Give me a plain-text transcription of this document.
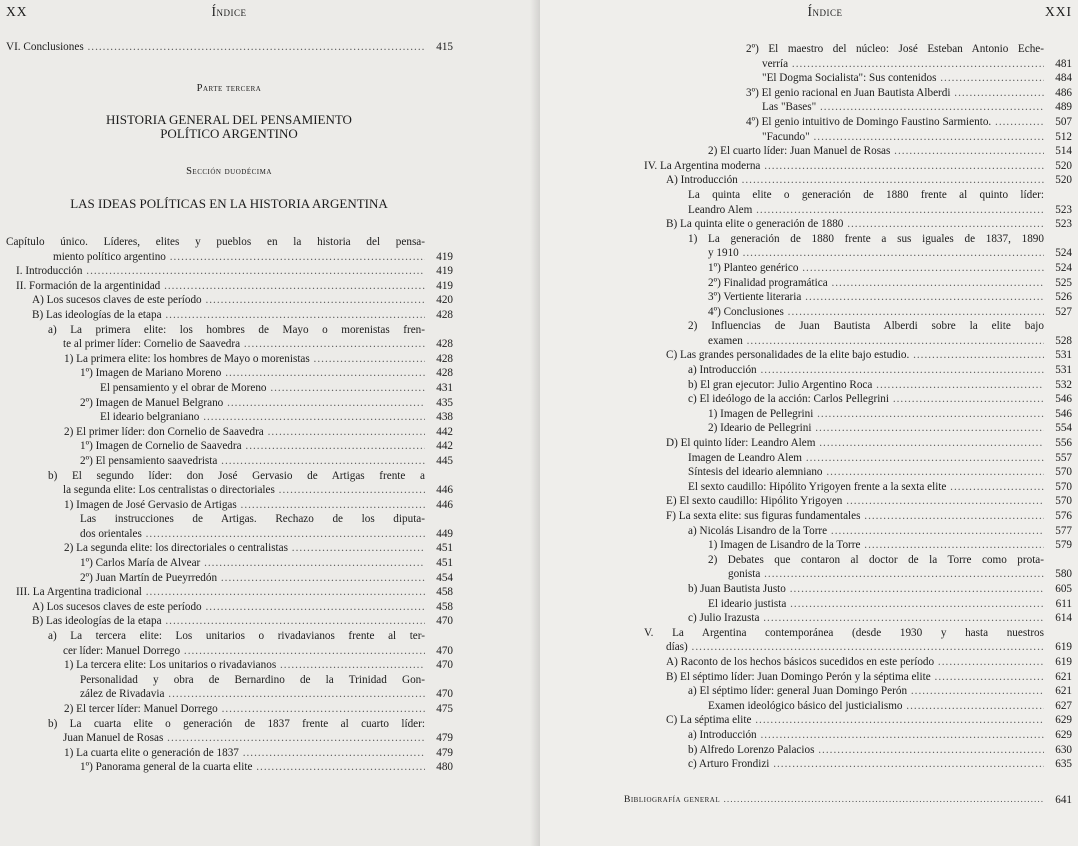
XX	Índice
VI. Conclusiones .....	415
Parte tercera
HISTORIA GENERAL DEL PENSAMIENTO
POLÍTICO ARGENTINO
Sección duodécima
LAS IDEAS POLÍTICAS EN LA HISTORIA ARGENTINA
Capítulo único. Líderes, elites y pueblos en la historia del pensa-
miento político argentino .....	419
I. Introducción .....	419
II. Formación de la argentinidad .....	419
A) Los sucesos claves de este período .....	420
B) Las ideologías de la etapa .....	428
a) La primera elite: los hombres de Mayo o morenistas fren-
te al primer líder: Cornelio de Saavedra .....	428
1) La primera elite: los hombres de Mayo o morenistas .....	428
1º) Imagen de Mariano Moreno .....	428
El pensamiento y el obrar de Moreno .....	431
2º) Imagen de Manuel Belgrano .....	435
El ideario belgraniano .....	438
2) El primer líder: don Cornelio de Saavedra .....	442
1º) Imagen de Cornelio de Saavedra .....	442
2º) El pensamiento saavedrista .....	445
b) El segundo líder: don José Gervasio de Artigas frente a
la segunda elite: Los centralistas o directoriales .....	446
1) Imagen de José Gervasio de Artigas .....	446
Las instrucciones de Artigas. Rechazo de los diputa-
dos orientales .....	449
2) La segunda elite: los directoriales o centralistas .....	451
1º) Carlos María de Alvear .....	451
2º) Juan Martín de Pueyrredón .....	454
III. La Argentina tradicional .....	458
A) Los sucesos claves de este período .....	458
B) Las ideologías de la etapa .....	470
a) La tercera elite: Los unitarios o rivadavianos frente al ter-
cer líder: Manuel Dorrego .....	470
1) La tercera elite: Los unitarios o rivadavianos .....	470
Personalidad y obra de Bernardino de la Trinidad Gon-
zález de Rivadavia .....	470
2) El tercer líder: Manuel Dorrego .....	475
b) La cuarta elite o generación de 1837 frente al cuarto líder:
Juan Manuel de Rosas .....	479
1) La cuarta elite o generación de 1837 .....	479
1º) Panorama general de la cuarta elite .....	480
Índice	XXI
2º) El maestro del núcleo: José Esteban Antonio Eche-
verría .....	481
"El Dogma Socialista": Sus contenidos .....	484
3º) El genio racional en Juan Bautista Alberdi .....	486
Las "Bases" .....	489
4º) El genio intuitivo de Domingo Faustino Sarmiento. .....	507
"Facundo" .....	512
2) El cuarto líder: Juan Manuel de Rosas .....	514
IV. La Argentina moderna .....	520
A) Introducción .....	520
La quinta elite o generación de 1880 frente al quinto líder:
Leandro Alem .....	523
B) La quinta elite o generación de 1880 .....	523
1) La generación de 1880 frente a sus iguales de 1837, 1890
y 1910 .....	524
1º) Planteo genérico .....	524
2º) Finalidad programática .....	525
3º) Vertiente literaria .....	526
4º) Conclusiones .....	527
2) Influencias de Juan Bautista Alberdi sobre la elite bajo
examen .....	528
C) Las grandes personalidades de la elite bajo estudio. .....	531
a) Introducción .....	531
b) El gran ejecutor: Julio Argentino Roca .....	532
c) El ideólogo de la acción: Carlos Pellegrini .....	546
1) Imagen de Pellegrini .....	546
2) Ideario de Pellegrini .....	554
D) El quinto líder: Leandro Alem .....	556
Imagen de Leandro Alem .....	557
Síntesis del ideario alemniano .....	570
El sexto caudillo: Hipólito Yrigoyen frente a la sexta elite .....	570
E) El sexto caudillo: Hipólito Yrigoyen .....	570
F) La sexta elite: sus figuras fundamentales .....	576
a) Nicolás Lisandro de la Torre .....	577
1) Imagen de Lisandro de la Torre .....	579
2) Debates que contaron al doctor de la Torre como prota-
gonista .....	580
b) Juan Bautista Justo .....	605
El ideario justista .....	611
c) Julio Irazusta .....	614
V. La Argentina contemporánea (desde 1930 y hasta nuestros
días) .....	619
A) Raconto de los hechos básicos sucedidos en este período .....	619
B) El séptimo líder: Juan Domingo Perón y la séptima elite .....	621
a) El séptimo líder: general Juan Domingo Perón .....	621
Examen ideológico básico del justicialismo .....	627
C) La séptima elite .....	629
a) Introducción .....	629
b) Alfredo Lorenzo Palacios .....	630
c) Arturo Frondizi .....	635
Bibliografía general .....	641
